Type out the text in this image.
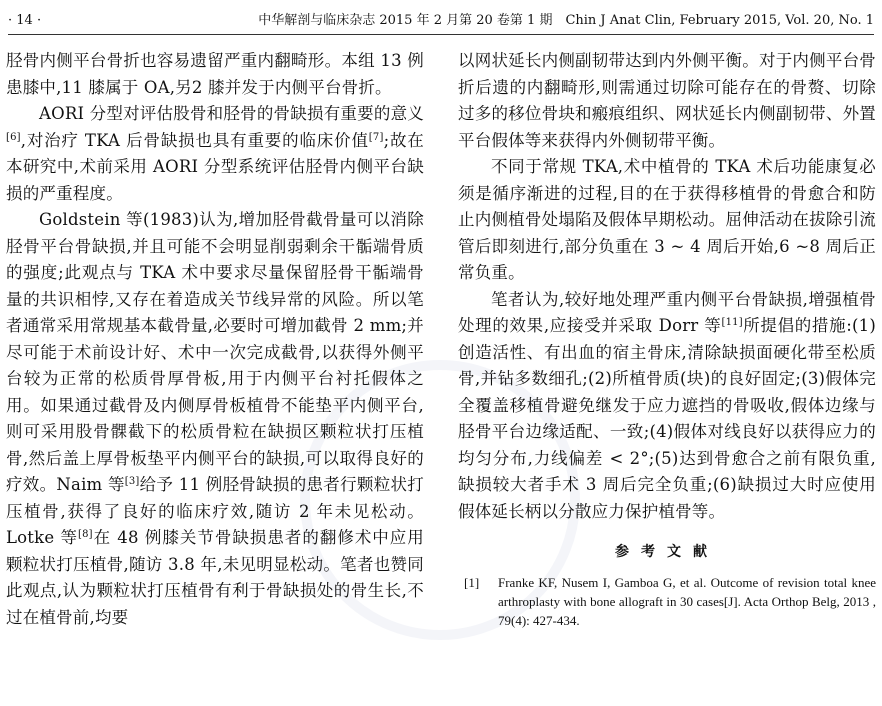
· 14 ·	中华解剖与临床杂志 2015 年 2 月第 20 卷第 1 期　Chin J Anat Clin, February 2015, Vol. 20, No. 1

胫骨内侧平台骨折也容易遗留严重内翻畸形。本组 13 例患膝中,11 膝属于 OA,另2 膝并发于内侧平台骨折。

AORI 分型对评估股骨和胫骨的骨缺损有重要的意义[6],对治疗 TKA 后骨缺损也具有重要的临床价值[7];故在本研究中,术前采用 AORI 分型系统评估胫骨内侧平台缺损的严重程度。

Goldstein 等(1983)认为,增加胫骨截骨量可以消除胫骨平台骨缺损,并且可能不会明显削弱剩余干骺端骨质的强度;此观点与 TKA 术中要求尽量保留胫骨干骺端骨量的共识相悖,又存在着造成关节线异常的风险。所以笔者通常采用常规基本截骨量,必要时可增加截骨 2 mm;并尽可能于术前设计好、术中一次完成截骨,以获得外侧平台较为正常的松质骨厚骨板,用于内侧平台衬托假体之用。如果通过截骨及内侧厚骨板植骨不能垫平内侧平台,则可采用股骨髁截下的松质骨粒在缺损区颗粒状打压植骨,然后盖上厚骨板垫平内侧平台的缺损,可以取得良好的疗效。Naim 等[3]给予 11 例胫骨缺损的患者行颗粒状打压植骨,获得了良好的临床疗效,随访 2 年未见松动。Lotke 等[8]在 48 例膝关节骨缺损患者的翻修术中应用颗粒状打压植骨,随访 3.8 年,未见明显松动。笔者也赞同此观点,认为颗粒状打压植骨有利于骨缺损处的骨生长,不过在植骨前,均要

以网状延长内侧副韧带达到内外侧平衡。对于内侧平台骨折后遗的内翻畸形,则需通过切除可能存在的骨赘、切除过多的移位骨块和瘢痕组织、网状延长内侧副韧带、外置平台假体等来获得内外侧韧带平衡。

不同于常规 TKA,术中植骨的 TKA 术后功能康复必须是循序渐进的过程,目的在于获得移植骨的骨愈合和防止内侧植骨处塌陷及假体早期松动。屈伸活动在拔除引流管后即刻进行,部分负重在 3 ~ 4 周后开始,6 ~8 周后正常负重。

笔者认为,较好地处理严重内侧平台骨缺损,增强植骨处理的效果,应接受并采取 Dorr 等[11]所提倡的措施:(1)创造活性、有出血的宿主骨床,清除缺损面硬化带至松质骨,并钻多数细孔;(2)所植骨质(块)的良好固定;(3)假体完全覆盖移植骨避免继发于应力遮挡的骨吸收,假体边缘与胫骨平台边缘适配、一致;(4)假体对线良好以获得应力的均匀分布,力线偏差 < 2°;(5)达到骨愈合之前有限负重,缺损较大者手术 3 周后完全负重;(6)缺损过大时应使用假体延长柄以分散应力保护植骨等。

参考文献
[1] Franke KF, Nusem I, Gamboa G, et al. Outcome of revision total knee arthroplasty with bone allograft in 30 cases[J]. Acta Orthop Belg, 2013 , 79(4): 427-434.
